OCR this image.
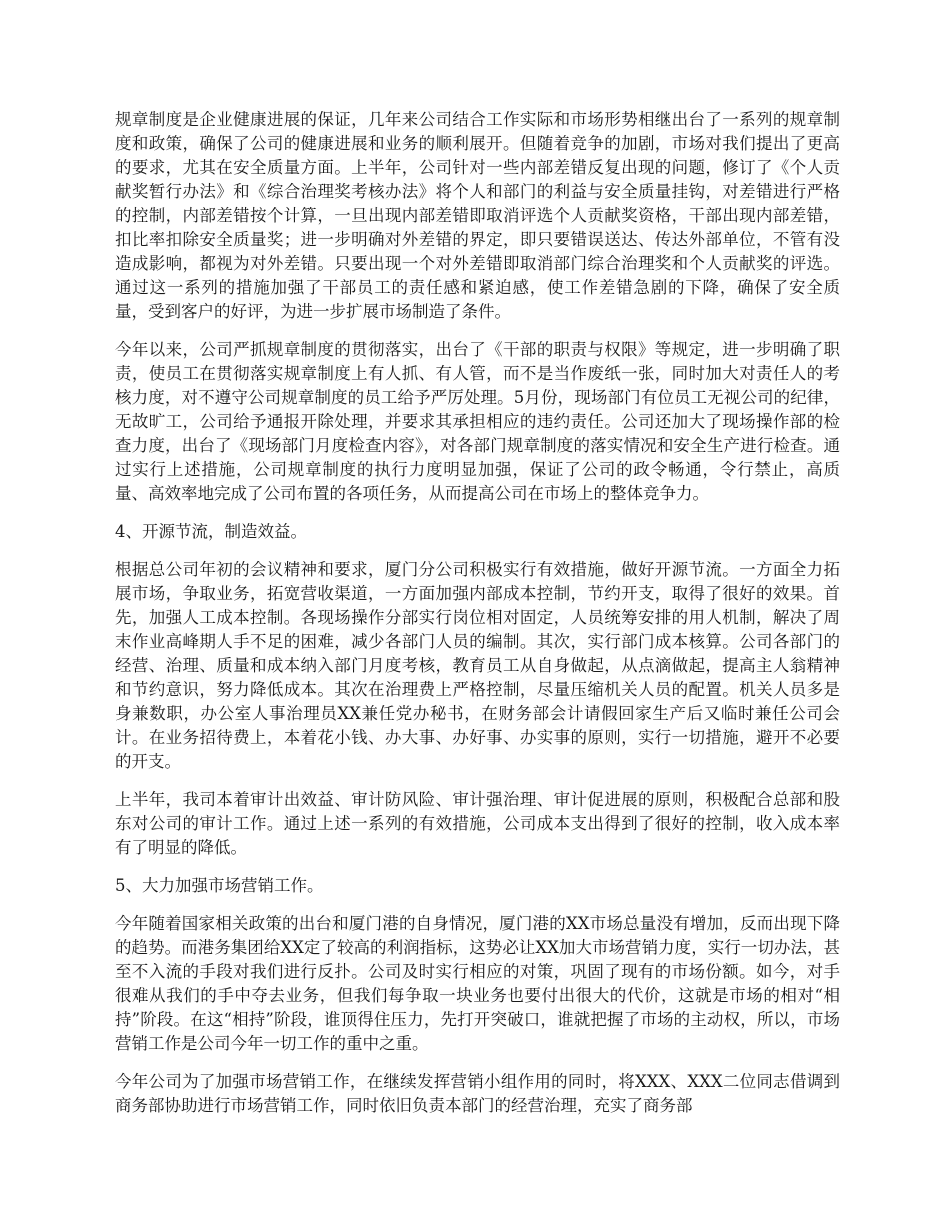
规章制度是企业健康进展的保证，几年来公司结合工作实际和市场形势相继出台了一系列的规章制度和政策，确保了公司的健康进展和业务的顺利展开。但随着竞争的加剧，市场对我们提出了更高的要求，尤其在安全质量方面。上半年，公司针对一些内部差错反复出现的问题，修订了《个人贡献奖暂行办法》和《综合治理奖考核办法》将个人和部门的利益与安全质量挂钩，对差错进行严格的控制，内部差错按个计算，一旦出现内部差错即取消评选个人贡献奖资格，干部出现内部差错，扣比率扣除安全质量奖；进一步明确对外差错的界定，即只要错误送达、传达外部单位，不管有没造成影响，都视为对外差错。只要出现一个对外差错即取消部门综合治理奖和个人贡献奖的评选。通过这一系列的措施加强了干部员工的责任感和紧迫感，使工作差错急剧的下降，确保了安全质量，受到客户的好评，为进一步扩展市场制造了条件。

今年以来，公司严抓规章制度的贯彻落实，出台了《干部的职责与权限》等规定，进一步明确了职责，使员工在贯彻落实规章制度上有人抓、有人管，而不是当作废纸一张，同时加大对责任人的考核力度，对不遵守公司规章制度的员工给予严厉处理。5月份，现场部门有位员工无视公司的纪律，无故旷工，公司给予通报开除处理，并要求其承担相应的违约责任。公司还加大了现场操作部的检查力度，出台了《现场部门月度检查内容》，对各部门规章制度的落实情况和安全生产进行检查。通过实行上述措施，公司规章制度的执行力度明显加强，保证了公司的政令畅通，令行禁止，高质量、高效率地完成了公司布置的各项任务，从而提高公司在市场上的整体竞争力。

4、开源节流，制造效益。

根据总公司年初的会议精神和要求，厦门分公司积极实行有效措施，做好开源节流。一方面全力拓展市场，争取业务，拓宽营收渠道，一方面加强内部成本控制，节约开支，取得了很好的效果。首先，加强人工成本控制。各现场操作分部实行岗位相对固定，人员统筹安排的用人机制，解决了周末作业高峰期人手不足的困难，减少各部门人员的编制。其次，实行部门成本核算。公司各部门的经营、治理、质量和成本纳入部门月度考核，教育员工从自身做起，从点滴做起，提高主人翁精神和节约意识，努力降低成本。其次在治理费上严格控制，尽量压缩机关人员的配置。机关人员多是身兼数职，办公室人事治理员XX兼任党办秘书，在财务部会计请假回家生产后又临时兼任公司会计。在业务招待费上，本着花小钱、办大事、办好事、办实事的原则，实行一切措施，避开不必要的开支。

上半年，我司本着审计出效益、审计防风险、审计强治理、审计促进展的原则，积极配合总部和股东对公司的审计工作。通过上述一系列的有效措施，公司成本支出得到了很好的控制，收入成本率有了明显的降低。

5、大力加强市场营销工作。

今年随着国家相关政策的出台和厦门港的自身情况，厦门港的XX市场总量没有增加，反而出现下降的趋势。而港务集团给XX定了较高的利润指标，这势必让XX加大市场营销力度，实行一切办法，甚至不入流的手段对我们进行反扑。公司及时实行相应的对策，巩固了现有的市场份额。如今，对手很难从我们的手中夺去业务，但我们每争取一块业务也要付出很大的代价，这就是市场的相对“相持”阶段。在这“相持”阶段，谁顶得住压力，先打开突破口，谁就把握了市场的主动权，所以，市场营销工作是公司今年一切工作的重中之重。

今年公司为了加强市场营销工作，在继续发挥营销小组作用的同时，将XXX、XXX二位同志借调到商务部协助进行市场营销工作，同时依旧负责本部门的经营治理，充实了商务部
